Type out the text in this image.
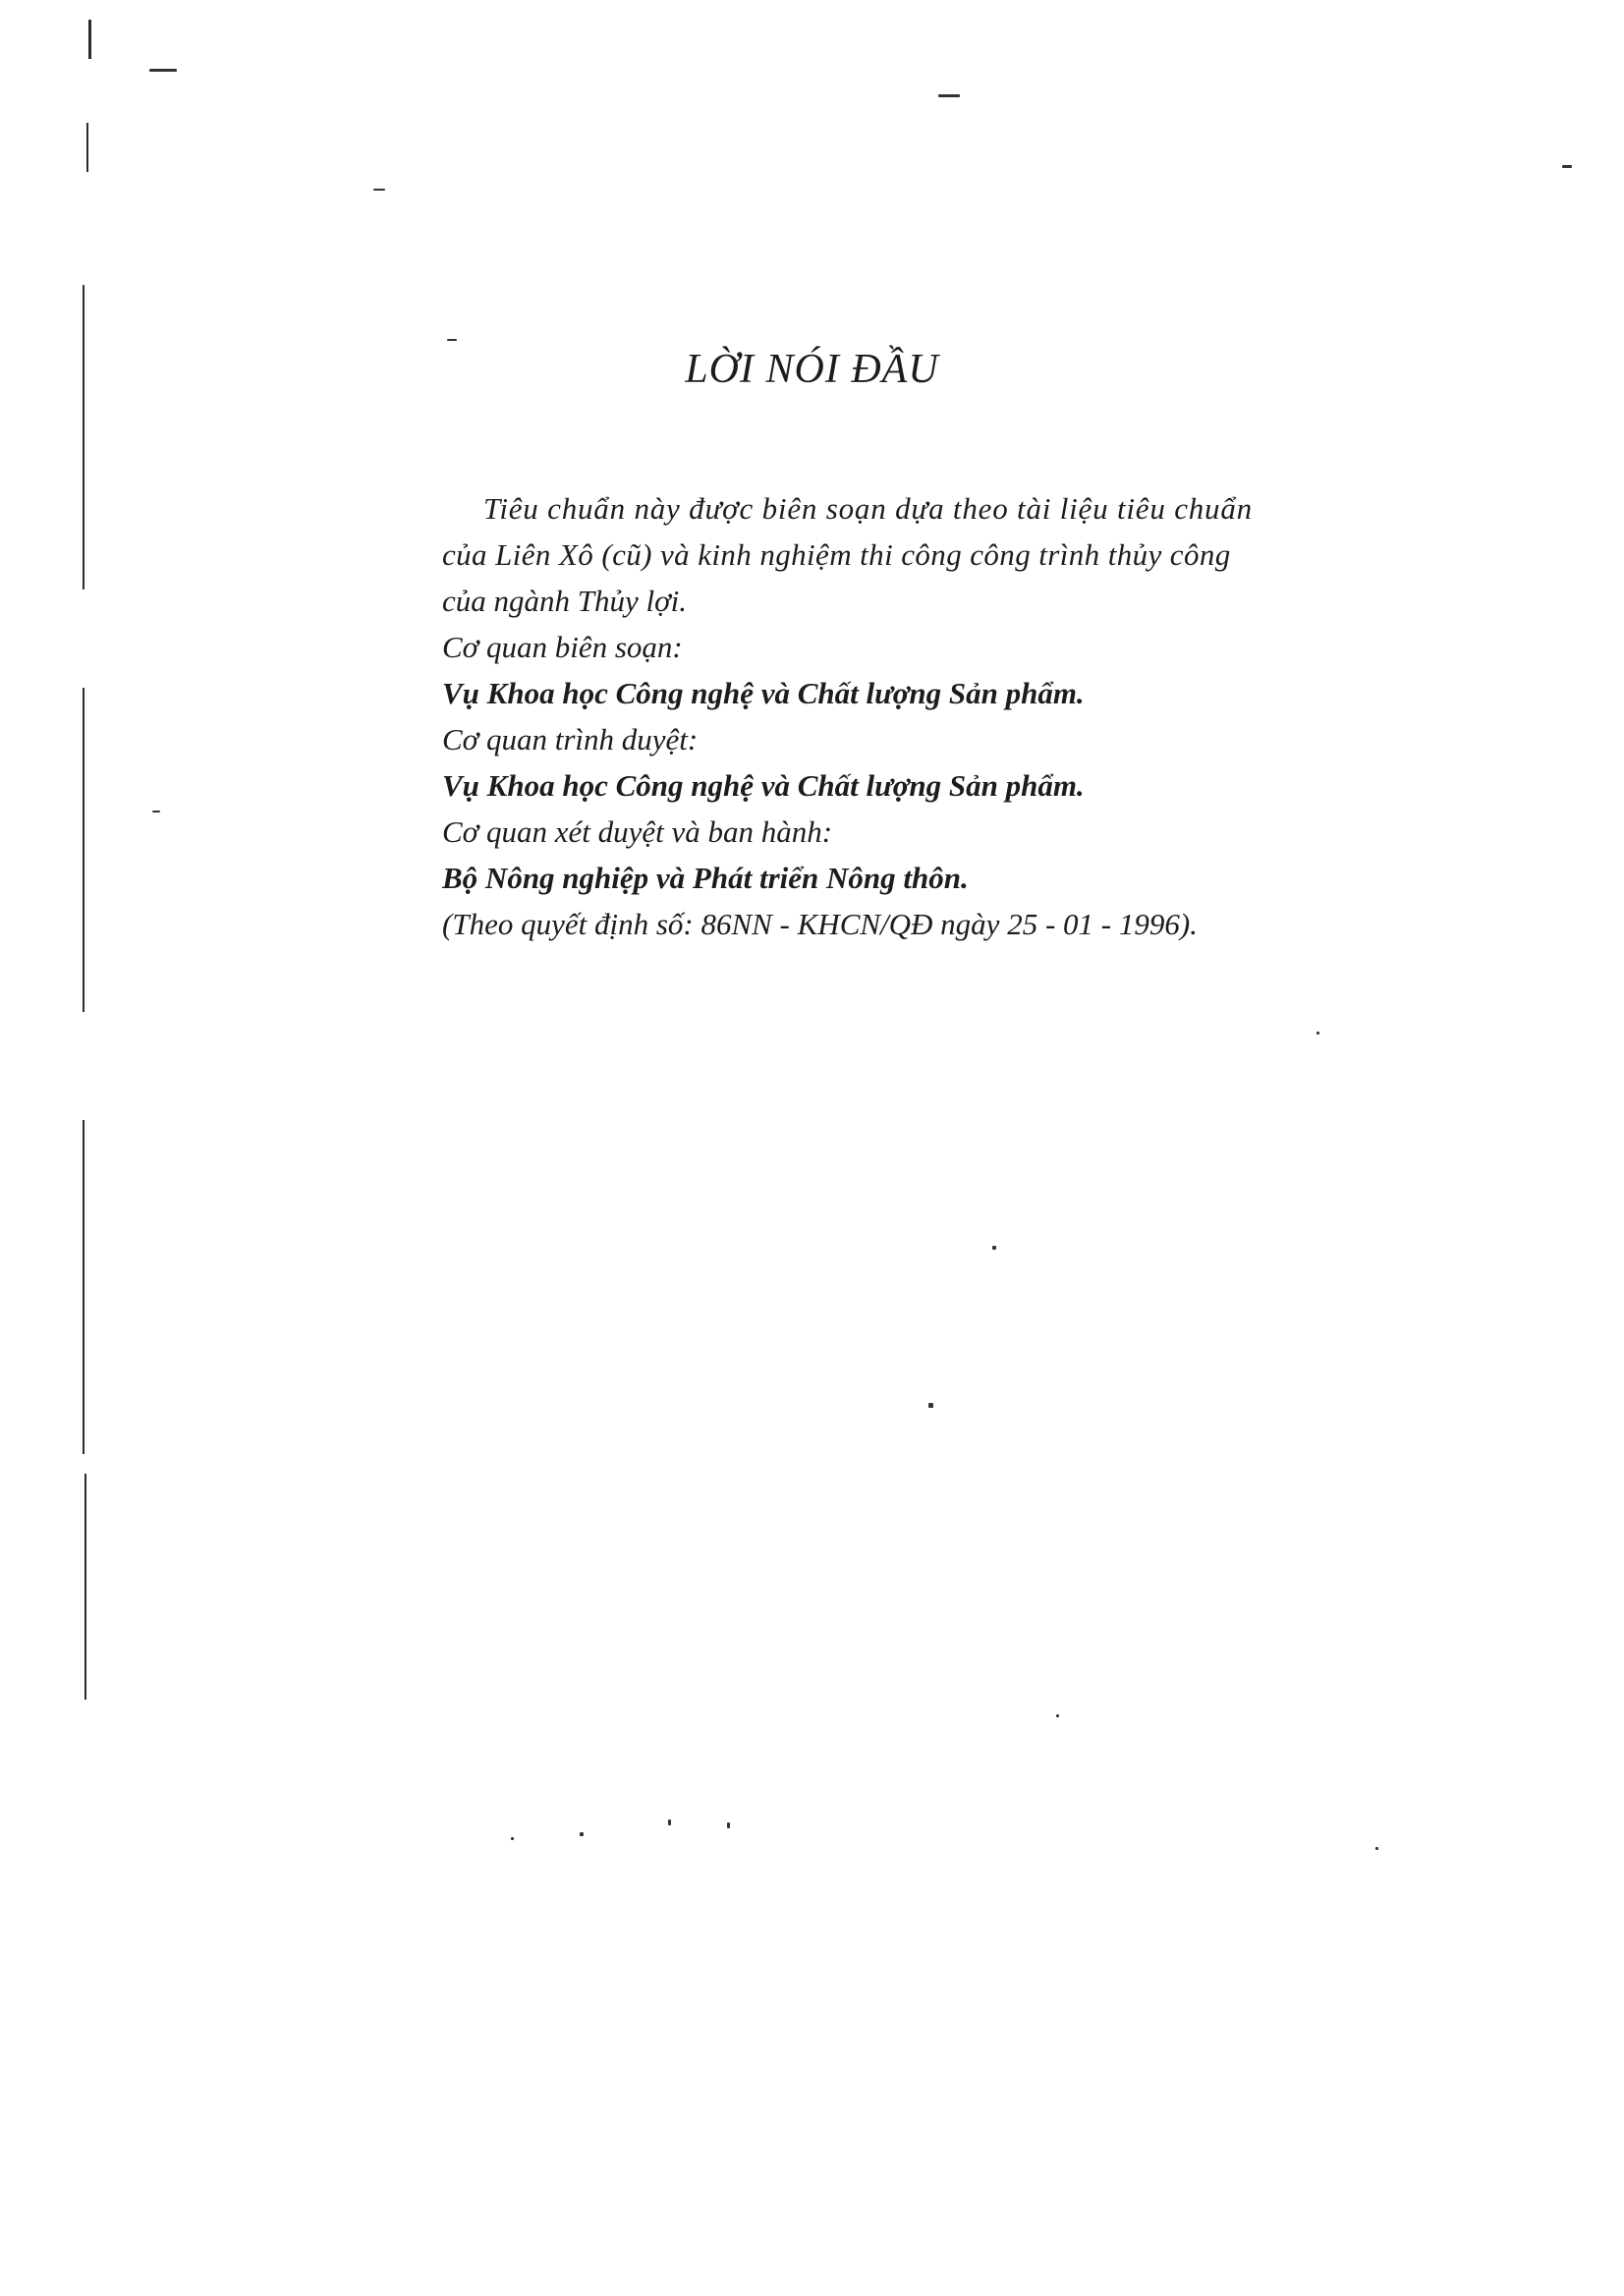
LỜI NÓI ĐẦU
Tiêu chuẩn này được biên soạn dựa theo tài liệu tiêu chuẩn
của Liên Xô (cũ) và kinh nghiệm thi công công trình thủy công
của ngành Thủy lợi.
Cơ quan biên soạn:
Vụ Khoa học Công nghệ và Chất lượng Sản phẩm.
Cơ quan trình duyệt:
Vụ Khoa học Công nghệ và Chất lượng Sản phẩm.
Cơ quan xét duyệt và ban hành:
Bộ Nông nghiệp và Phát triển Nông thôn.
(Theo quyết định số: 86NN - KHCN/QĐ ngày 25 - 01 - 1996).
